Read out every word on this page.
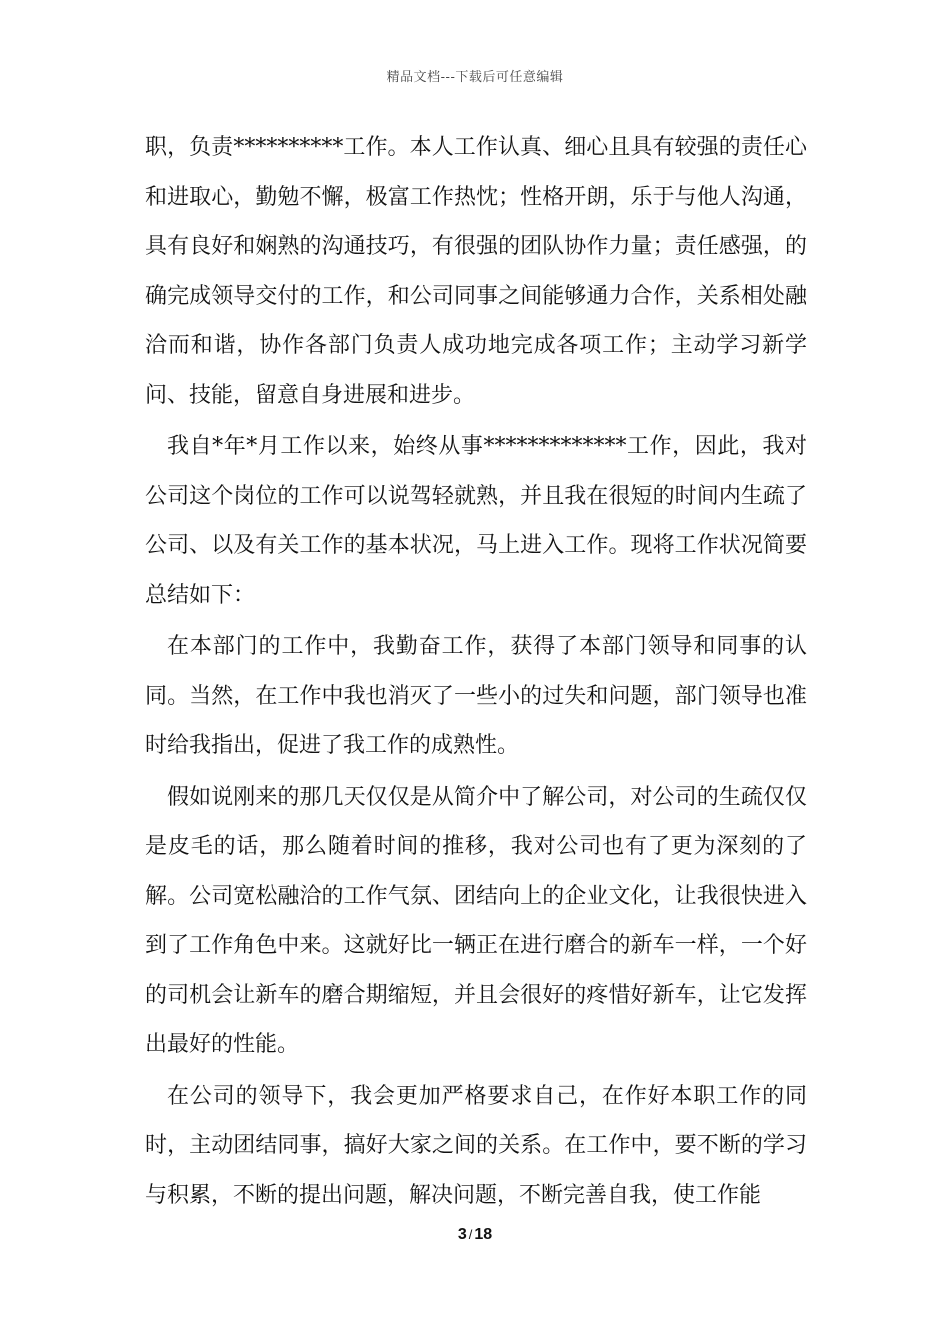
精品文档---下载后可任意编辑

职，负责**********工作。本人工作认真、细心且具有较强的责任心和进取心，勤勉不懈，极富工作热忱；性格开朗，乐于与他人沟通，具有良好和娴熟的沟通技巧，有很强的团队协作力量；责任感强，的确完成领导交付的工作，和公司同事之间能够通力合作，关系相处融洽而和谐，协作各部门负责人成功地完成各项工作；主动学习新学问、技能，留意自身进展和进步。

我自*年*月工作以来，始终从事*************工作，因此，我对公司这个岗位的工作可以说驾轻就熟，并且我在很短的时间内生疏了公司、以及有关工作的基本状况，马上进入工作。现将工作状况简要总结如下：

在本部门的工作中，我勤奋工作，获得了本部门领导和同事的认同。当然，在工作中我也消灭了一些小的过失和问题，部门领导也准时给我指出，促进了我工作的成熟性。

假如说刚来的那几天仅仅是从简介中了解公司，对公司的生疏仅仅是皮毛的话，那么随着时间的推移，我对公司也有了更为深刻的了解。公司宽松融洽的工作气氛、团结向上的企业文化，让我很快进入到了工作角色中来。这就好比一辆正在进行磨合的新车一样，一个好的司机会让新车的磨合期缩短，并且会很好的疼惜好新车，让它发挥出最好的性能。

在公司的领导下，我会更加严格要求自己，在作好本职工作的同时，主动团结同事，搞好大家之间的关系。在工作中，要不断的学习与积累，不断的提出问题，解决问题，不断完善自我，使工作能

3 / 18
